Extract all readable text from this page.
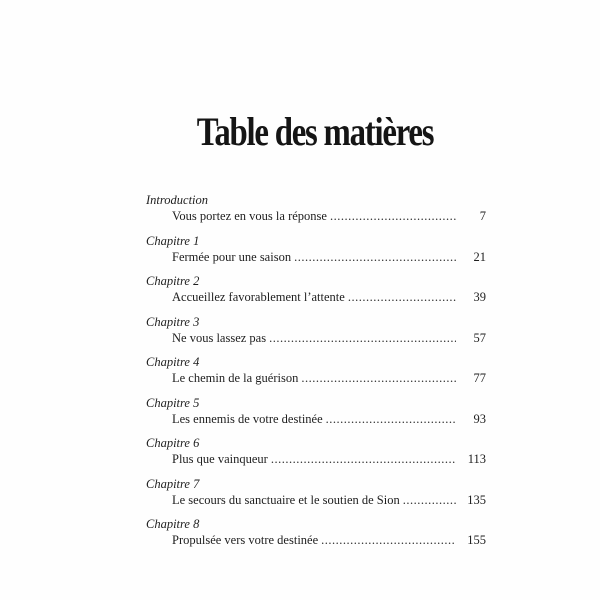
Table des matières
Introduction
Vous portez en vous la réponse .....	7
Chapitre 1
Fermée pour une saison .....	21
Chapitre 2
Accueillez favorablement l’attente .....	39
Chapitre 3
Ne vous lassez pas .....	57
Chapitre 4
Le chemin de la guérison .....	77
Chapitre 5
Les ennemis de votre destinée .....	93
Chapitre 6
Plus que vainqueur .....	113
Chapitre 7
Le secours du sanctuaire et le soutien de Sion .....	135
Chapitre 8
Propulsée vers votre destinée .....	155
